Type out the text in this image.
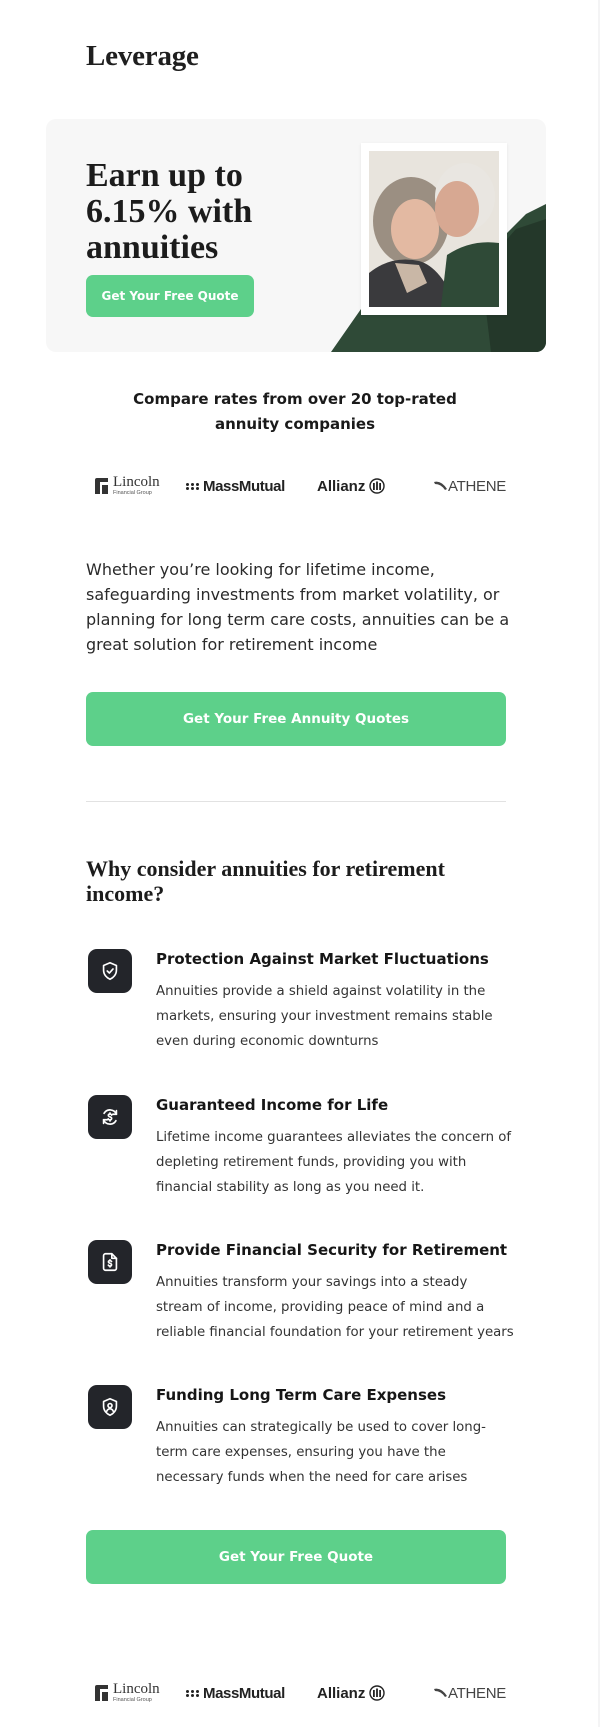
Leverage
Earn up to 6.15% with annuities
Get Your Free Quote

Compare rates from over 20 top-rated annuity companies

Lincoln
Financial Group	MassMutual Allianz	ATHENE

Whether you’re looking for lifetime income, safeguarding investments from market volatility, or planning for long term care costs, annuities can be a great solution for retirement income

Get Your Free Annuity Quotes
Why consider annuities for retirement income?
Protection Against Market Fluctuations
Annuities provide a shield against volatility in the markets, ensuring your investment remains stable even during economic downturns
Guaranteed Income for Life
Lifetime income guarantees alleviates the concern of depleting retirement funds, providing you with financial stability as long as you need it.
Provide Financial Security for Retirement
Annuities transform your savings into a steady stream of income, providing peace of mind and a reliable financial foundation for your retirement years
Funding Long Term Care Expenses
Annuities can strategically be used to cover long-term care expenses, ensuring you have the necessary funds when the need for care arises
Get Your Free Quote
Lincoln
Financial Group	MassMutual Allianz	ATHENE
